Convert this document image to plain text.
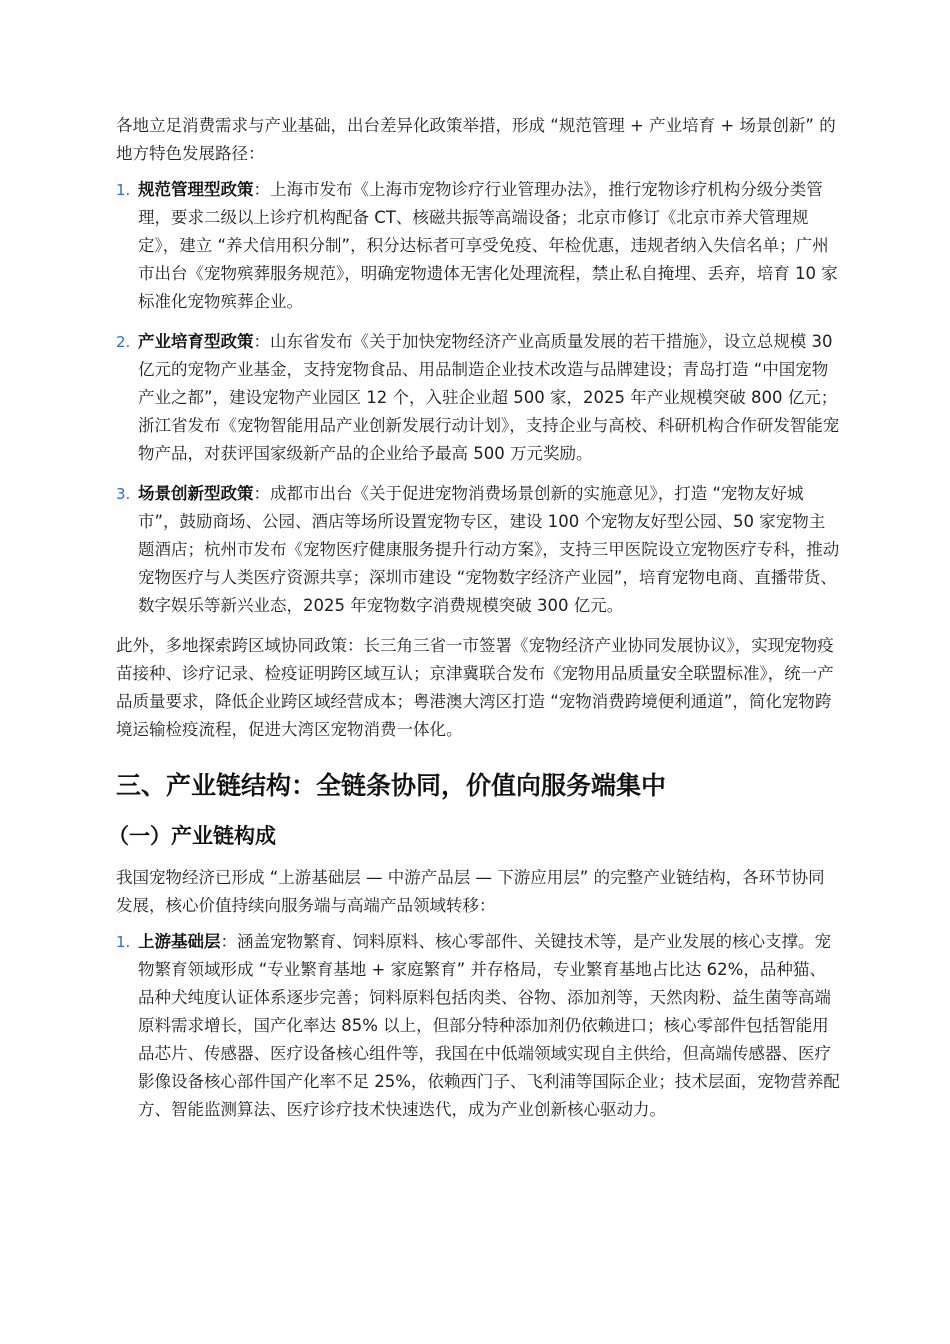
各地立足消费需求与产业基础，出台差异化政策举措，形成 “规范管理 + 产业培育 + 场景创新” 的地方特色发展路径：

1. 规范管理型政策：上海市发布《上海市宠物诊疗行业管理办法》，推行宠物诊疗机构分级分类管理，要求二级以上诊疗机构配备 CT、核磁共振等高端设备；北京市修订《北京市养犬管理规定》，建立 “养犬信用积分制”，积分达标者可享受免疫、年检优惠，违规者纳入失信名单；广州市出台《宠物殡葬服务规范》，明确宠物遗体无害化处理流程，禁止私自掩埋、丢弃，培育 10 家标准化宠物殡葬企业。
2. 产业培育型政策：山东省发布《关于加快宠物经济产业高质量发展的若干措施》，设立总规模 30 亿元的宠物产业基金，支持宠物食品、用品制造企业技术改造与品牌建设；青岛打造 “中国宠物产业之都”，建设宠物产业园区 12 个，入驻企业超 500 家，2025 年产业规模突破 800 亿元；浙江省发布《宠物智能用品产业创新发展行动计划》，支持企业与高校、科研机构合作研发智能宠物产品，对获评国家级新产品的企业给予最高 500 万元奖励。
3. 场景创新型政策：成都市出台《关于促进宠物消费场景创新的实施意见》，打造 “宠物友好城市”，鼓励商场、公园、酒店等场所设置宠物专区，建设 100 个宠物友好型公园、50 家宠物主题酒店；杭州市发布《宠物医疗健康服务提升行动方案》，支持三甲医院设立宠物医疗专科，推动宠物医疗与人类医疗资源共享；深圳市建设 “宠物数字经济产业园”，培育宠物电商、直播带货、数字娱乐等新兴业态，2025 年宠物数字消费规模突破 300 亿元。

此外，多地探索跨区域协同政策：长三角三省一市签署《宠物经济产业协同发展协议》，实现宠物疫苗接种、诊疗记录、检疫证明跨区域互认；京津冀联合发布《宠物用品质量安全联盟标准》，统一产品质量要求，降低企业跨区域经营成本；粤港澳大湾区打造 “宠物消费跨境便利通道”，简化宠物跨境运输检疫流程，促进大湾区宠物消费一体化。

三、产业链结构：全链条协同，价值向服务端集中
（一）产业链构成

我国宠物经济已形成 “上游基础层 — 中游产品层 — 下游应用层” 的完整产业链结构，各环节协同发展，核心价值持续向服务端与高端产品领域转移：

1. 上游基础层：涵盖宠物繁育、饲料原料、核心零部件、关键技术等，是产业发展的核心支撑。宠物繁育领域形成 “专业繁育基地 + 家庭繁育” 并存格局，专业繁育基地占比达 62%，品种猫、品种犬纯度认证体系逐步完善；饲料原料包括肉类、谷物、添加剂等，天然肉粉、益生菌等高端原料需求增长，国产化率达 85% 以上，但部分特种添加剂仍依赖进口；核心零部件包括智能用品芯片、传感器、医疗设备核心组件等，我国在中低端领域实现自主供给，但高端传感器、医疗影像设备核心部件国产化率不足 25%，依赖西门子、飞利浦等国际企业；技术层面，宠物营养配方、智能监测算法、医疗诊疗技术快速迭代，成为产业创新核心驱动力。
